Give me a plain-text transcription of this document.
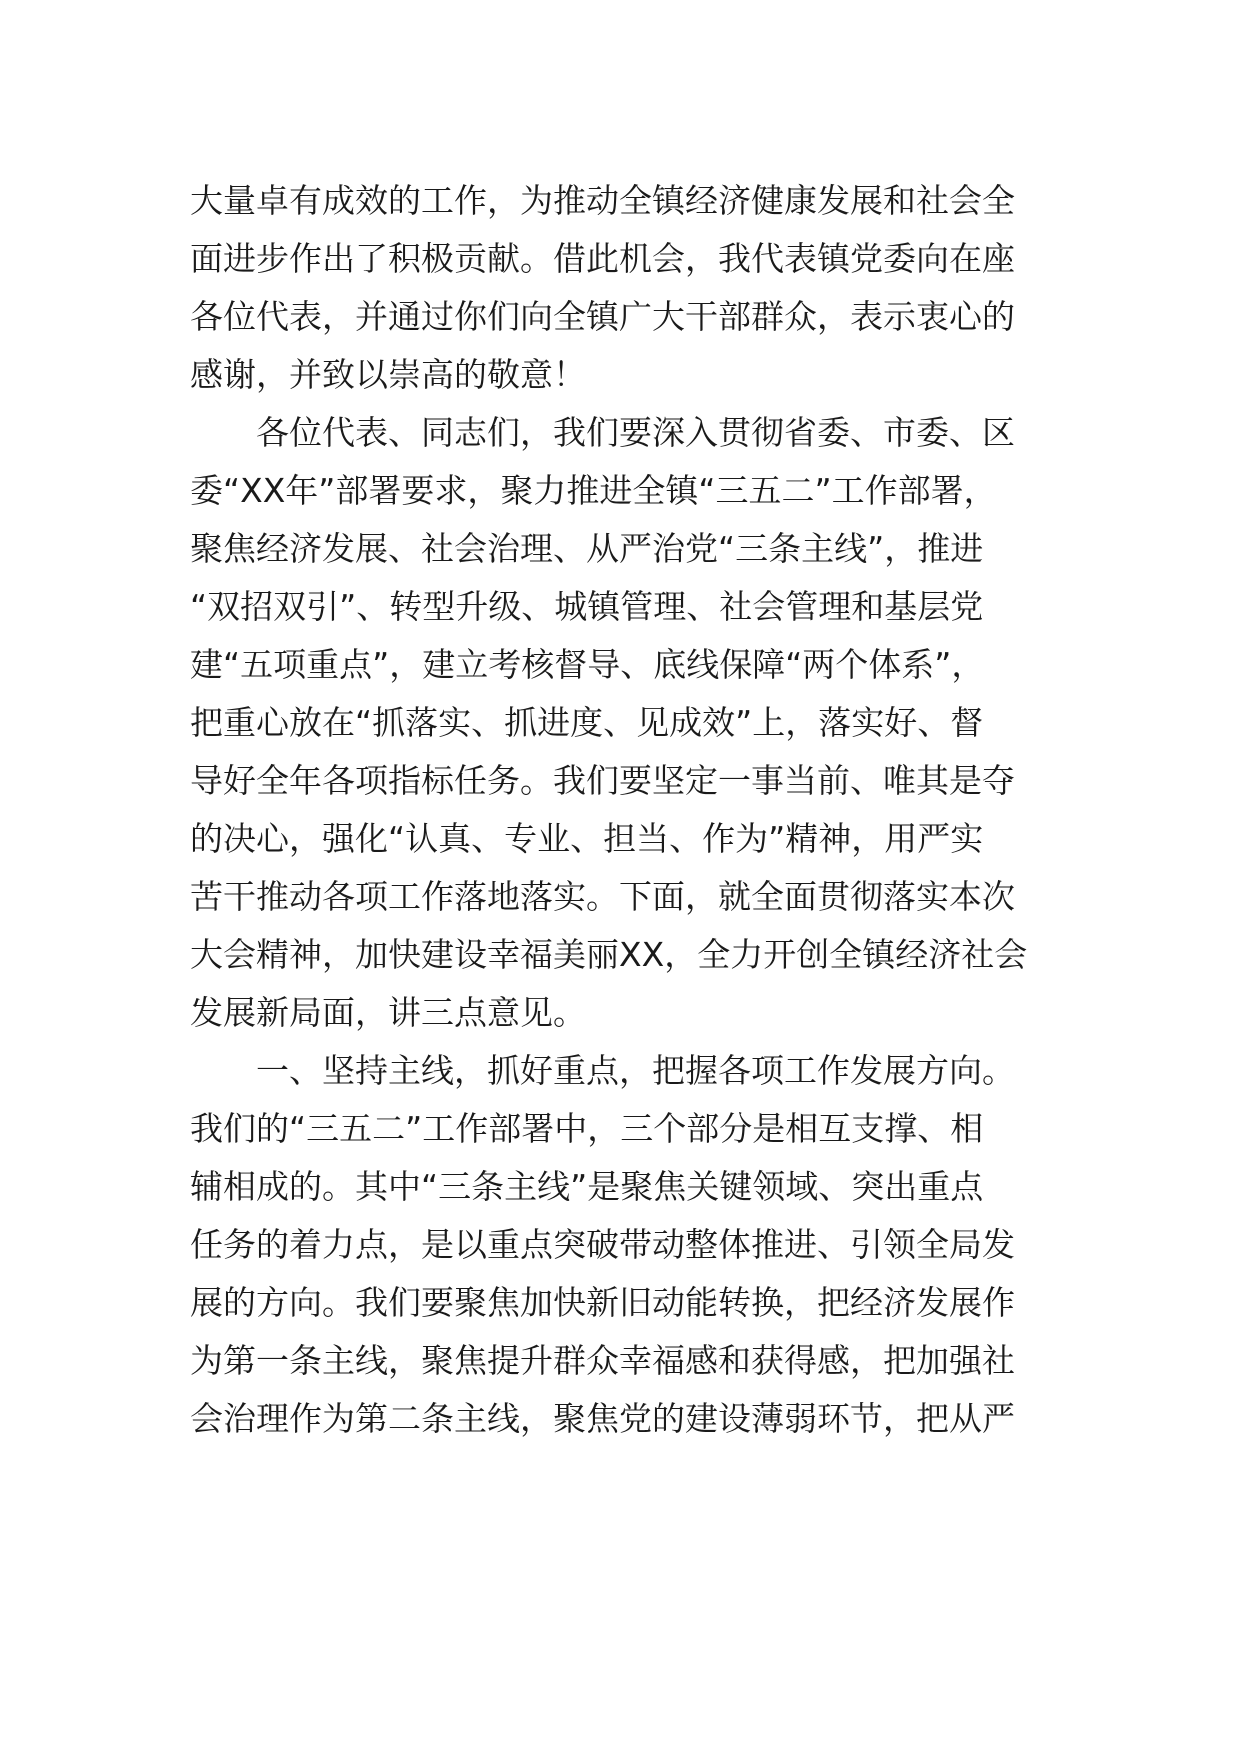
大量卓有成效的工作，为推动全镇经济健康发展和社会全
面进步作出了积极贡献。借此机会，我代表镇党委向在座
各位代表，并通过你们向全镇广大干部群众，表示衷心的
感谢，并致以崇高的敬意！
各位代表、同志们，我们要深入贯彻省委、市委、区
委“XX年”部署要求，聚力推进全镇“三五二”工作部署，
聚焦经济发展、社会治理、从严治党“三条主线”，推进
“双招双引”、转型升级、城镇管理、社会管理和基层党
建“五项重点”，建立考核督导、底线保障“两个体系”，
把重心放在“抓落实、抓进度、见成效”上，落实好、督
导好全年各项指标任务。我们要坚定一事当前、唯其是夺
的决心，强化“认真、专业、担当、作为”精神，用严实
苦干推动各项工作落地落实。下面，就全面贯彻落实本次
大会精神，加快建设幸福美丽XX，全力开创全镇经济社会
发展新局面，讲三点意见。
一、坚持主线，抓好重点，把握各项工作发展方向。
我们的“三五二”工作部署中，三个部分是相互支撑、相
辅相成的。其中“三条主线”是聚焦关键领域、突出重点
任务的着力点，是以重点突破带动整体推进、引领全局发
展的方向。我们要聚焦加快新旧动能转换，把经济发展作
为第一条主线，聚焦提升群众幸福感和获得感，把加强社
会治理作为第二条主线，聚焦党的建设薄弱环节，把从严
